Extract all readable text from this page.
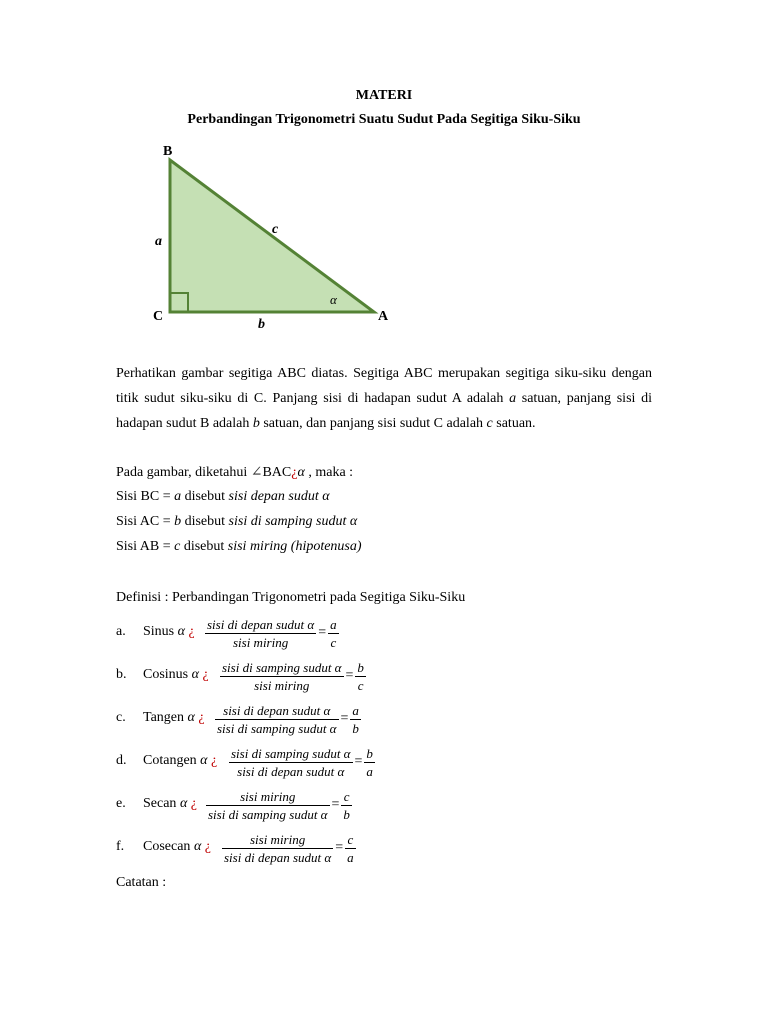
MATERI
Perbandingan Trigonometri Suatu Sudut Pada Segitiga Siku-Siku
B
C	A
a
b
c
α

Perhatikan gambar segitiga ABC diatas. Segitiga ABC merupakan segitiga siku-siku dengan titik sudut siku-siku di C. Panjang sisi di hadapan sudut A adalah a satuan, panjang sisi di hadapan sudut B adalah b satuan, dan panjang sisi sudut C adalah c satuan.

Pada gambar, diketahui ∠BAC¿α , maka :
Sisi BC = a disebut sisi depan sudut α
Sisi AC = b disebut sisi di samping sudut α
Sisi AB = c disebut sisi miring (hipotenusa)
Definisi : Perbandingan Trigonometri pada Segitiga Siku-Siku
a. Sinus α ¿ $\frac{\text{sisi di depan sudut α}}{\text{sisi miring}} = \frac{a}{c}$
b. Cosinus α ¿ $\frac{\text{sisi di samping sudut α}}{\text{sisi miring}} = \frac{b}{c}$
c. Tangen α ¿ $\frac{\text{sisi di depan sudut α}}{\text{sisi di samping sudut α}} = \frac{a}{b}$
d. Cotangen α ¿ $\frac{\text{sisi di samping sudut α}}{\text{sisi di depan sudut α}} = \frac{b}{a}$
e. Secan α ¿ $\frac{\text{sisi miring}}{\text{sisi di samping sudut α}} = \frac{c}{b}$
f. Cosecan α ¿ $\frac{\text{sisi miring}}{\text{sisi di depan sudut α}} = \frac{c}{a}$
Catatan :
